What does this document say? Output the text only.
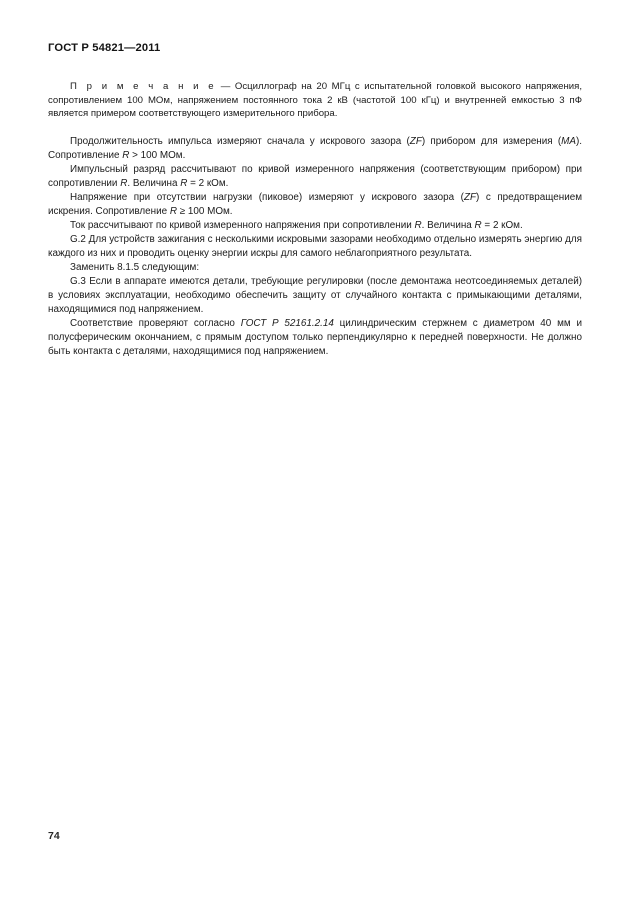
ГОСТ Р 54821—2011

П р и м е ч а н и е — Осциллограф на 20 МГц с испытательной головкой высокого напряжения, сопротивлением 100 МОм, напряжением постоянного тока 2 кВ (частотой 100 кГц) и внутренней емкостью 3 пФ является примером соответствующего измерительного прибора.

Продолжительность импульса измеряют сначала у искрового зазора (ZF) прибором для измерения (MA). Сопротивление R > 100 МОм.

Импульсный разряд рассчитывают по кривой измеренного напряжения (соответствующим прибором) при сопротивлении R. Величина R = 2 кОм.

Напряжение при отсутствии нагрузки (пиковое) измеряют у искрового зазора (ZF) с предотвращением искрения. Сопротивление R ≥ 100 МОм.

Ток рассчитывают по кривой измеренного напряжения при сопротивлении R. Величина R = 2 кОм.

G.2 Для устройств зажигания с несколькими искровыми зазорами необходимо отдельно измерять энергию для каждого из них и проводить оценку энергии искры для самого неблагоприятного результата.

Заменить 8.1.5 следующим:

G.3 Если в аппарате имеются детали, требующие регулировки (после демонтажа неотсоединяемых деталей) в условиях эксплуатации, необходимо обеспечить защиту от случайного контакта с примыкающими деталями, находящимися под напряжением.

Соответствие проверяют согласно ГОСТ Р 52161.2.14 цилиндрическим стержнем с диаметром 40 мм и полусферическим окончанием, с прямым доступом только перпендикулярно к передней поверхности. Не должно быть контакта с деталями, находящимися под напряжением.

74
